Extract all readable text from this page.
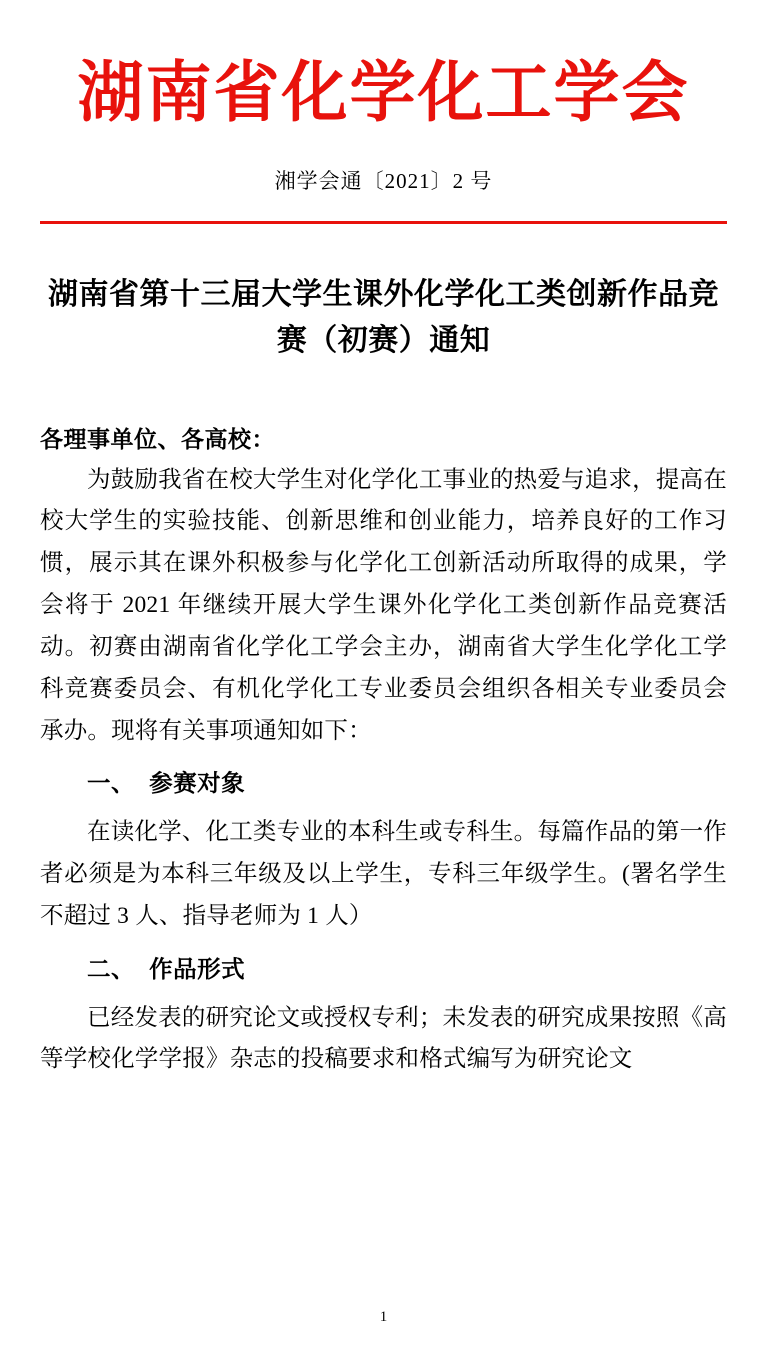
湖南省化学化工学会
湘学会通〔2021〕2 号
湖南省第十三届大学生课外化学化工类创新作品竞赛（初赛）通知
各理事单位、各高校：
为鼓励我省在校大学生对化学化工事业的热爱与追求，提高在校大学生的实验技能、创新思维和创业能力，培养良好的工作习惯，展示其在课外积极参与化学化工创新活动所取得的成果，学会将于 2021 年继续开展大学生课外化学化工类创新作品竞赛活动。初赛由湖南省化学化工学会主办，湖南省大学生化学化工学科竞赛委员会、有机化学化工专业委员会组织各相关专业委员会承办。现将有关事项通知如下：
一、 参赛对象
在读化学、化工类专业的本科生或专科生。每篇作品的第一作者必须是为本科三年级及以上学生，专科三年级学生。(署名学生不超过 3 人、指导老师为 1 人）
二、 作品形式
已经发表的研究论文或授权专利；未发表的研究成果按照《高等学校化学学报》杂志的投稿要求和格式编写为研究论文
1
